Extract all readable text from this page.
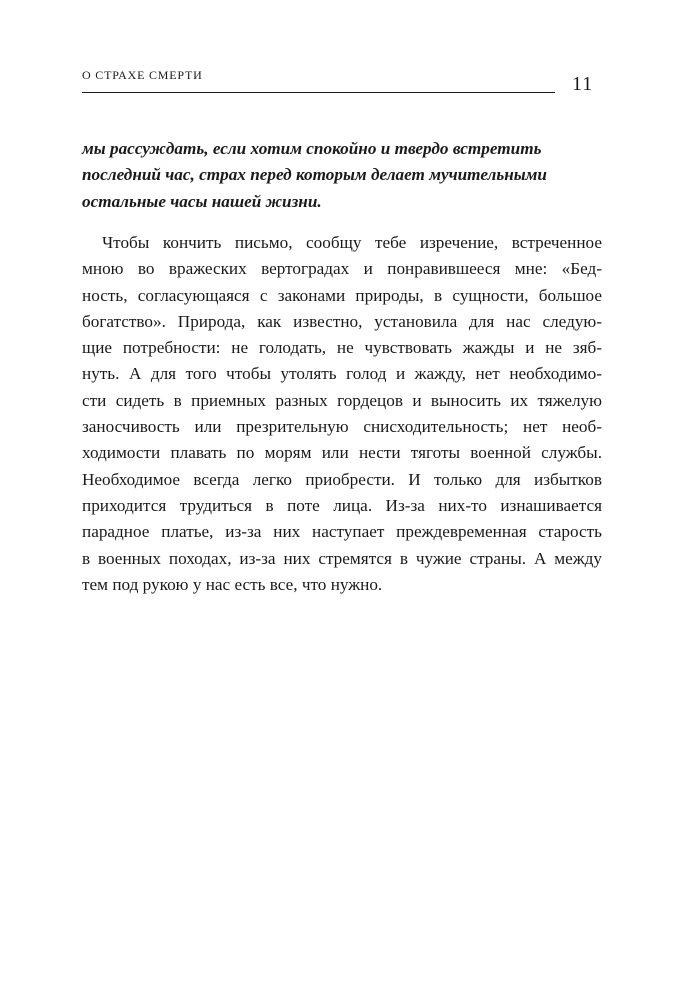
О СТРАХЕ СМЕРТИ	11
мы рассуждать, если хотим спокойно и твердо встретить
последний час, страх перед которым делает мучительными
остальные часы нашей жизни.
Чтобы кончить письмо, сообщу тебе изречение, встреченное
мною во вражеских вертоградах и понравившееся мне: «Бед-
ность, согласующаяся с законами природы, в сущности, большое
богатство». Природа, как известно, установила для нас следую-
щие потребности: не голодать, не чувствовать жажды и не зяб-
нуть. А для того чтобы утолять голод и жажду, нет необходимо-
сти сидеть в приемных разных гордецов и выносить их тяжелую
заносчивость или презрительную снисходительность; нет необ-
ходимости плавать по морям или нести тяготы военной службы.
Необходимое всегда легко приобрести. И только для избытков
приходится трудиться в поте лица. Из-за них-то изнашивается
парадное платье, из-за них наступает преждевременная старость
в военных походах, из-за них стремятся в чужие страны. А между
тем под рукою у нас есть все, что нужно.
